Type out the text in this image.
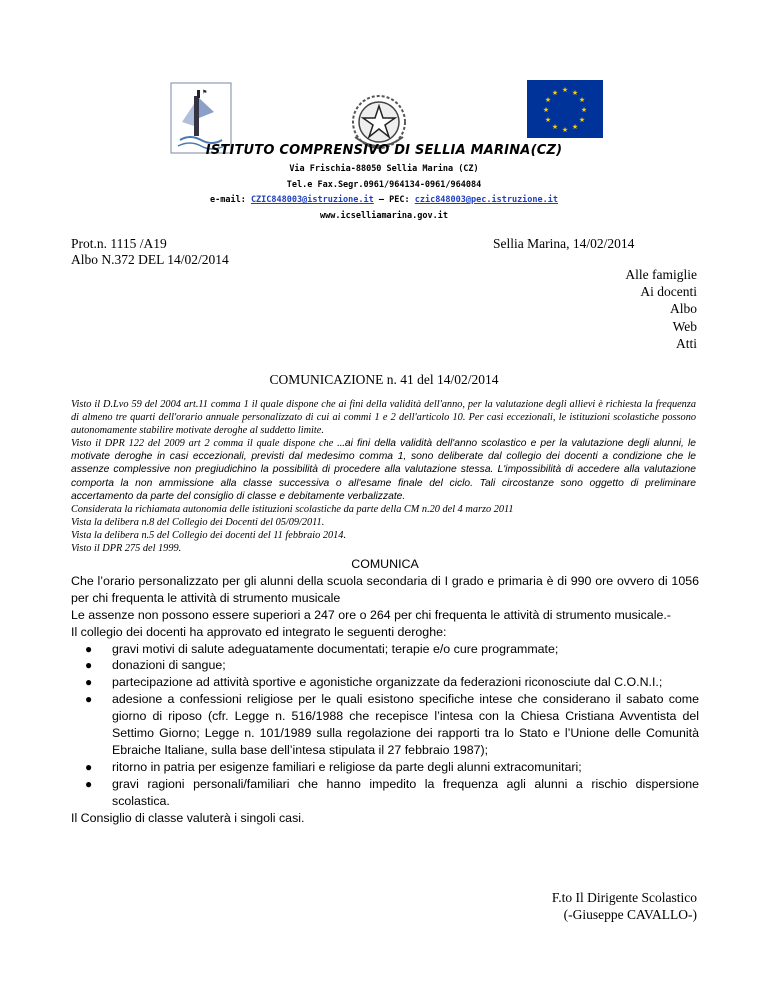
⚑	★ ★
★
★
★
★
★
★
★
★
★
★
ISTITUTO COMPRENSIVO DI SELLIA MARINA(CZ)
Via Frischia-88050 Sellia Marina (CZ)
Tel.e Fax.Segr.0961/964134-0961/964084
e-mail: CZIC848003@istruzione.it – PEC: czic848003@pec.istruzione.it
www.icselliamarina.gov.it
Prot.n. 1115 /A19
Albo N.372 DEL 14/02/2014
Sellia Marina, 14/02/2014
Alle famiglie
Ai docenti
Albo
Web
Atti
COMUNICAZIONE n. 41 del 14/02/2014

Visto il D.Lvo 59 del 2004 art.11 comma 1 il quale dispone che ai fini della validità dell'anno, per la valutazione degli allievi è richiesta la frequenza di almeno tre quarti dell'orario annuale personalizzato di cui ai commi 1 e 2 dell'articolo 10. Per casi eccezionali, le istituzioni scolastiche possono autonomamente stabilire motivate deroghe al suddetto limite.

Visto il DPR 122 del 2009 art 2 comma il quale dispone che ...ai fini della validità dell'anno scolastico e per la valutazione degli alunni, le motivate deroghe in casi eccezionali, previsti dal medesimo comma 1, sono deliberate dal collegio dei docenti a condizione che le assenze complessive non pregiudichino la possibilità di procedere alla valutazione stessa. L'impossibilità di accedere alla valutazione comporta la non ammissione alla classe successiva o all'esame finale del ciclo. Tali circostanze sono oggetto di preliminare accertamento da parte del consiglio di classe e debitamente verbalizzate.

Considerata la richiamata autonomia delle istituzioni scolastiche da parte della CM n.20 del 4 marzo 2011

Vista la delibera n.8 del Collegio dei Docenti del 05/09/2011.

Vista la delibera n.5 del Collegio dei docenti del 11 febbraio 2014.

Visto il DPR 275 del 1999.

COMUNICA

Che l’orario personalizzato per gli alunni della scuola secondaria di I grado e primaria è di 990 ore ovvero di 1056 per chi frequenta le attività di strumento musicale

Le assenze non possono essere superiori a 247 ore o 264 per chi frequenta le attività di strumento musicale.-

Il collegio dei docenti ha approvato ed integrato le seguenti deroghe:

● gravi motivi di salute adeguatamente documentati; terapie e/o cure programmate;
● donazioni di sangue;
● partecipazione ad attività sportive e agonistiche organizzate da federazioni riconosciute dal C.O.N.I.;
● adesione a confessioni religiose per le quali esistono specifiche intese che considerano il sabato come giorno di riposo (cfr. Legge n. 516/1988 che recepisce l’intesa con la Chiesa Cristiana Avventista del Settimo Giorno; Legge n. 101/1989 sulla regolazione dei rapporti tra lo Stato e l’Unione delle Comunità Ebraiche Italiane, sulla base dell’intesa stipulata il 27 febbraio 1987);
● ritorno in patria per esigenze familiari e religiose da parte degli alunni extracomunitari;
● gravi ragioni personali/familiari che hanno impedito la frequenza agli alunni a rischio dispersione scolastica.

Il Consiglio di classe valuterà i singoli casi.

F.to Il Dirigente Scolastico
(-Giuseppe CAVALLO-)
